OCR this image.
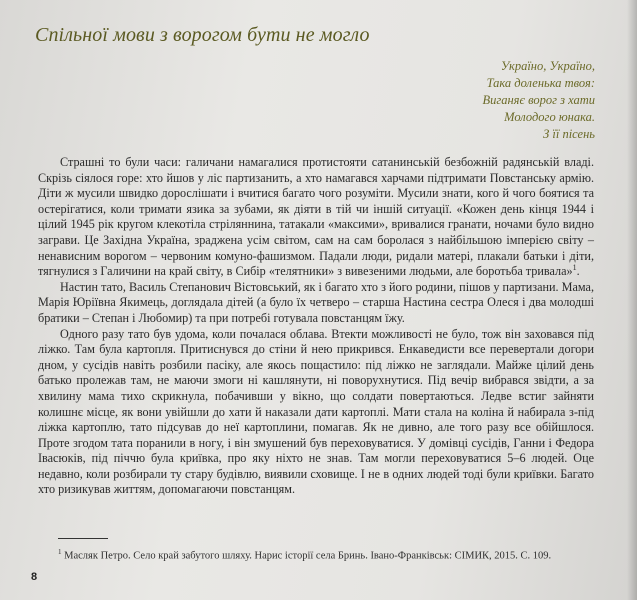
Спільної мови з ворогом бути не могло
Україно, Україно,
Така доленька твоя:
Виганяє ворог з хати
Молодого юнака.
З її пісень

Страшні то були часи: галичани намагалися протистояти сатанинській безбожній радянській владі. Скрізь сіялося горе: хто йшов у ліс партизанить, а хто намагався харчами підтримати Повстанську армію. Діти ж мусили швидко дорослішати і вчитися багато чого розуміти. Мусили знати, кого й чого боятися та остерігатися, коли тримати язика за зубами, як діяти в тій чи іншій ситуації. «Кожен день кінця 1944 і цілий 1945 рік кругом клекотіла стріляннина, татакали «максими», вривалися гранати, ночами було видно заграви. Це Західна Україна, зраджена усім світом, сам на сам боролася з найбільшою імперією світу – ненависним ворогом – червоним комуно-фашизмом. Падали люди, ридали матері, плакали батьки і діти, тягнулися з Галичини на край світу, в Сибір «телятники» з вивезеними людьми, але боротьба тривала»$^1$.

Настин тато, Василь Степанович Вістовський, як і багато хто з його родини, пішов у партизани. Мама, Марія Юріївна Якимець, доглядала дітей (а було їх четверо – старша Настина сестра Олеся і два молодші братики – Степан і Любомир) та при потребі готувала повстанцям їжу.

Одного разу тато був удома, коли почалася облава. Втекти можливості не було, тож він заховався під ліжко. Там була картопля. Притиснувся до стіни й нею прикрився. Енкаведисти все перевертали догори дном, у сусідів навіть розбили пасіку, але якось пощастило: під ліжко не заглядали. Майже цілий день батько пролежав там, не маючи змоги ні кашлянути, ні поворухнутися. Під вечір вибрався звідти, а за хвилину мама тихо скрикнула, побачивши у вікно, що солдати повертаються. Ледве встиг зайняти колишнє місце, як вони увійшли до хати й наказали дати картоплі. Мати стала на коліна й набирала з-під ліжка картоплю, тато підсував до неї картоплини, помагав. Як не дивно, але того разу все обійшлося. Проте згодом тата поранили в ногу, і він змушений був переховуватися. У домівці сусідів, Ганни і Федора Івасюків, під піччю була криївка, про яку ніхто не знав. Там могли переховуватися 5–6 людей. Оце недавно, коли розбирали ту стару будівлю, виявили сховище. І не в одних людей тоді були криївки. Багато хто ризикував життям, допомагаючи повстанцям.

$^1$ Масляк Петро. Село край забутого шляху. Нарис історії села Бринь. Івано-Франківськ: СІМИК, 2015. С. 109.
8
